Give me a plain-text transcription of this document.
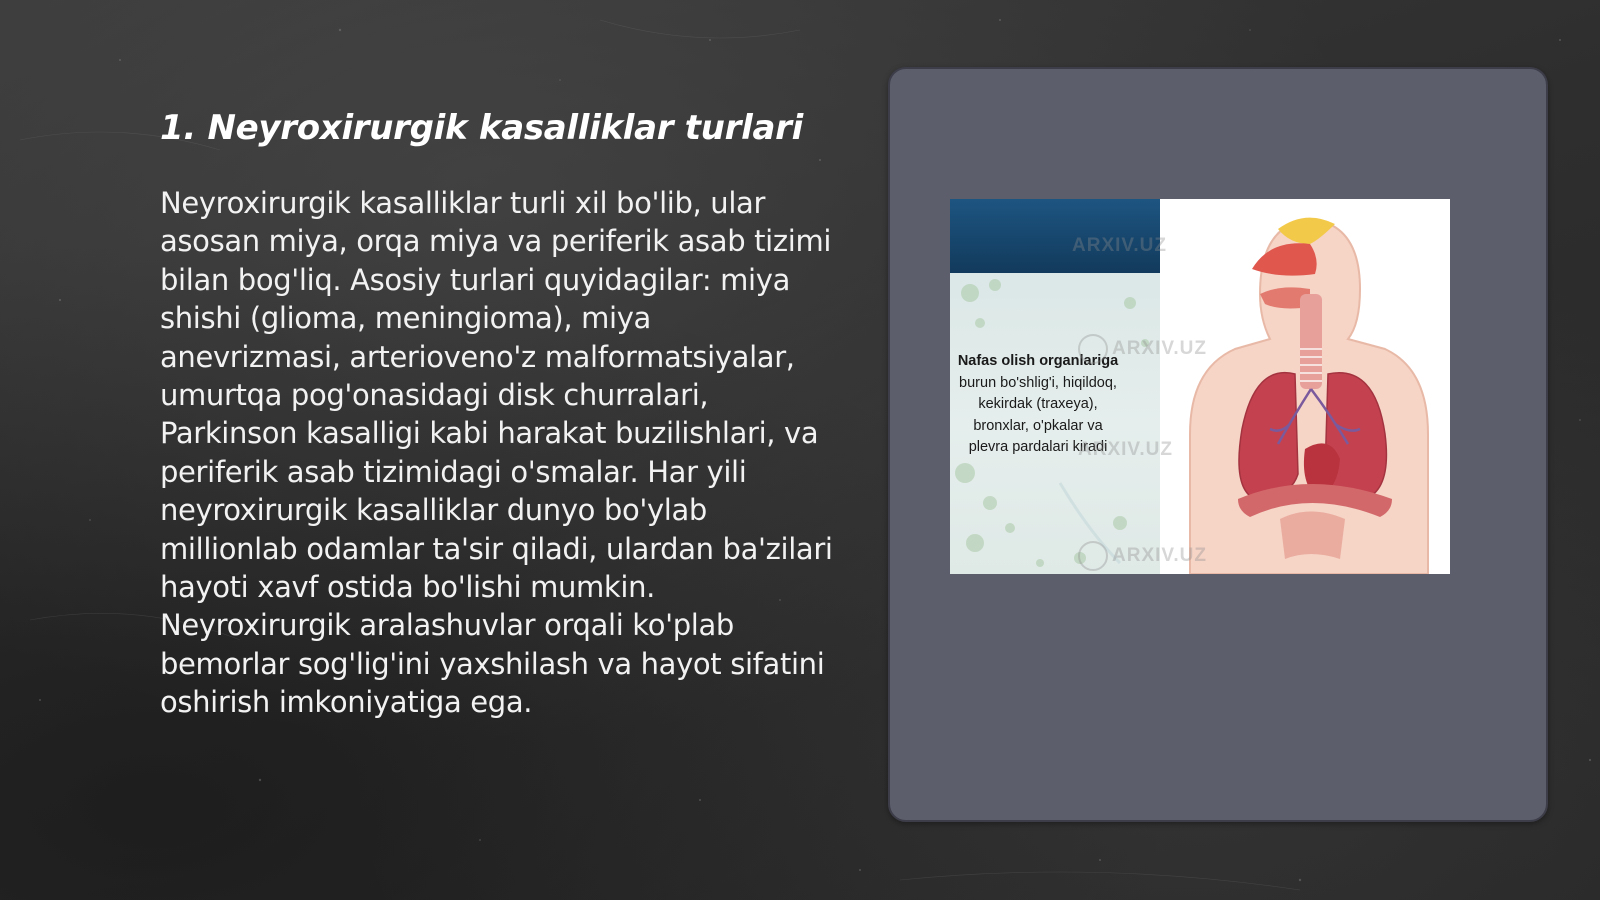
1. Neyroxirurgik kasalliklar turlari

Neyroxirurgik kasalliklar turli xil bo'lib, ular asosan miya, orqa miya va periferik asab tizimi bilan bog'liq. Asosiy turlari quyidagilar: miya shishi (glioma, meningioma), miya anevrizmasi, arterioveno'z malformatsiyalar, umurtqa pog'onasidagi disk churralari, Parkinson kasalligi kabi harakat buzilishlari, va periferik asab tizimidagi o'smalar. Har yili neyroxirurgik kasalliklar dunyo bo'ylab millionlab odamlar ta'sir qiladi, ulardan ba'zilari hayoti xavf ostida bo'lishi mumkin. Neyroxirurgik aralashuvlar orqali ko'plab bemorlar sog'lig'ini yaxshilash va hayot sifatini oshirish imkoniyatiga ega.

Nafas olish organlariga burun bo'shlig'i, hiqildoq, kekirdak (traxeya), bronxlar, o'pkalar va plevra pardalari kiradi
ARXIV.UZ
ARXIV.UZ
ARXIV.UZ
ARXIV.UZ
